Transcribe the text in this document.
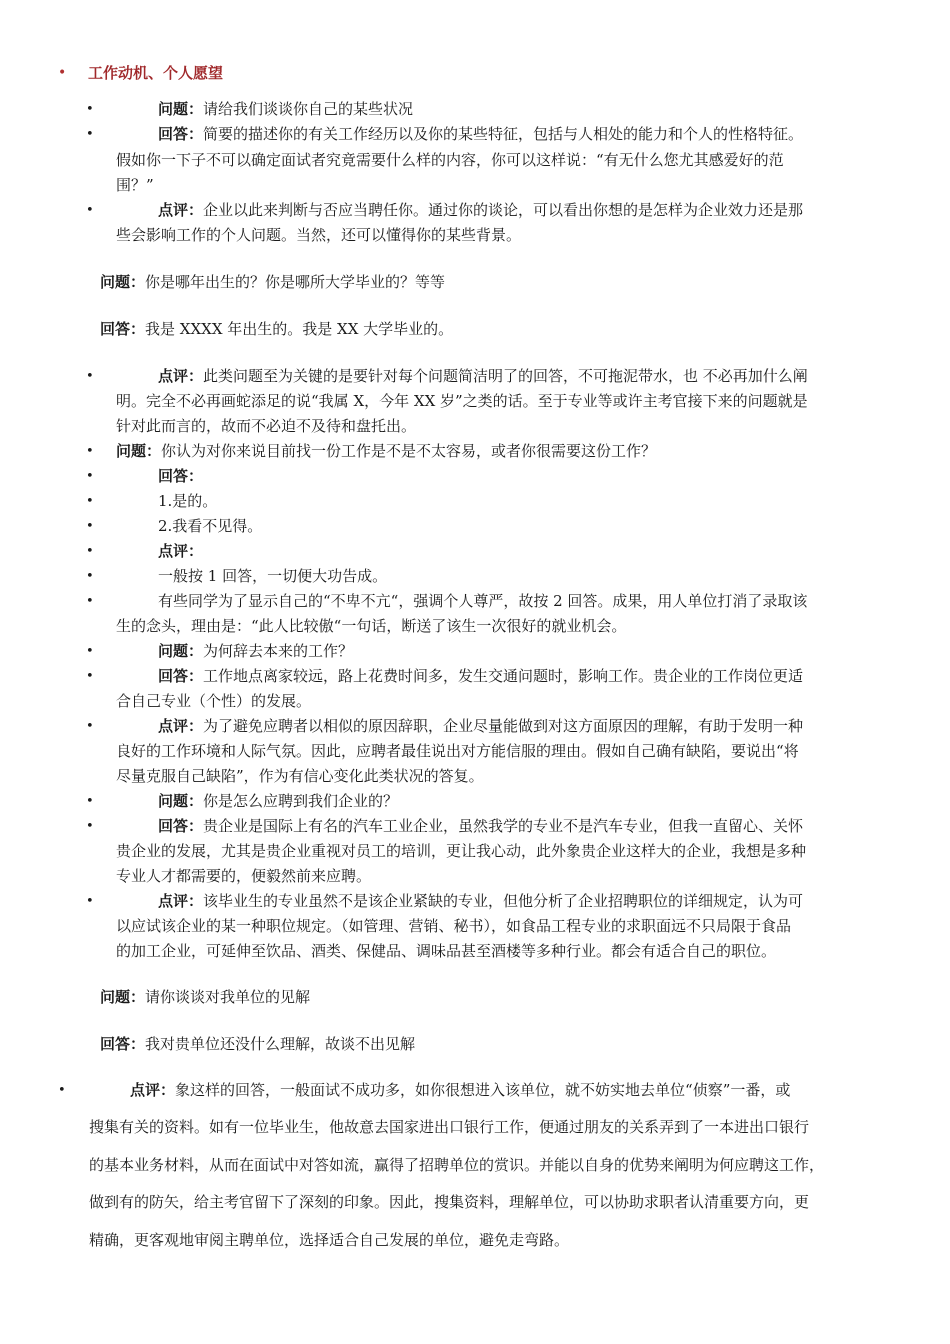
•	工作动机、个人愿望
•	问题：请给我们谈谈你自己的某些状况
•	回答：简要的描述你的有关工作经历以及你的某些特征，包括与人相处的能力和个人的性格特征。
假如你一下子不可以确定面试者究竟需要什么样的内容，你可以这样说：“有无什么您尤其感爱好的范
围？”
•	点评：企业以此来判断与否应当聘任你。通过你的谈论，可以看出你想的是怎样为企业效力还是那
些会影响工作的个人问题。当然，还可以懂得你的某些背景。
问题：你是哪年出生的？你是哪所大学毕业的？等等
回答：我是 XXXX 年出生的。我是 XX 大学毕业的。
•	点评：此类问题至为关键的是要针对每个问题简洁明了的回答，不可拖泥带水，也 不必再加什么阐
明。完全不必再画蛇添足的说“我属 X，今年 XX 岁”之类的话。至于专业等或许主考官接下来的问题就是
针对此而言的，故而不必迫不及待和盘托出。
• 问题：你认为对你来说目前找一份工作是不是不太容易，或者你很需要这份工作？
•	回答：
•	1.是的。
•	2.我看不见得。
•	点评：
•	一般按 1 回答，一切便大功告成。
•	有些同学为了显示自己的“不卑不亢“，强调个人尊严，故按 2 回答。成果，用人单位打消了录取该
生的念头，理由是：“此人比较傲“一句话，断送了该生一次很好的就业机会。
•	问题：为何辞去本来的工作？
•	回答：工作地点离家较远，路上花费时间多，发生交通问题时，影响工作。贵企业的工作岗位更适
合自己专业（个性）的发展。
•	点评：为了避免应聘者以相似的原因辞职，企业尽量能做到对这方面原因的理解，有助于发明一种
良好的工作环境和人际气氛。因此，应聘者最佳说出对方能信服的理由。假如自己确有缺陷，要说出“将
尽量克服自己缺陷”，作为有信心变化此类状况的答复。
•	问题：你是怎么应聘到我们企业的？
•	回答：贵企业是国际上有名的汽车工业企业，虽然我学的专业不是汽车专业，但我一直留心、关怀
贵企业的发展，尤其是贵企业重视对员工的培训，更让我心动，此外象贵企业这样大的企业，我想是多种
专业人才都需要的，便毅然前来应聘。
•	点评：该毕业生的专业虽然不是该企业紧缺的专业，但他分析了企业招聘职位的详细规定，认为可
以应试该企业的某一种职位规定。（如管理、营销、秘书），如食品工程专业的求职面远不只局限于食品
的加工企业，可延伸至饮品、酒类、保健品、调味品甚至酒楼等多种行业。都会有适合自己的职位。
问题：请你谈谈对我单位的见解
回答：我对贵单位还没什么理解，故谈不出见解
•	点评：象这样的回答，一般面试不成功多，如你很想进入该单位，就不妨实地去单位“侦察”一番，或
搜集有关的资料。如有一位毕业生，他故意去国家进出口银行工作，便通过朋友的关系弄到了一本进出口银行
的基本业务材料，从而在面试中对答如流，赢得了招聘单位的赏识。并能以自身的优势来阐明为何应聘这工作，
做到有的防矢，给主考官留下了深刻的印象。因此，搜集资料，理解单位，可以协助求职者认清重要方向，更
精确，更客观地审阅主聘单位，选择适合自己发展的单位，避免走弯路。
